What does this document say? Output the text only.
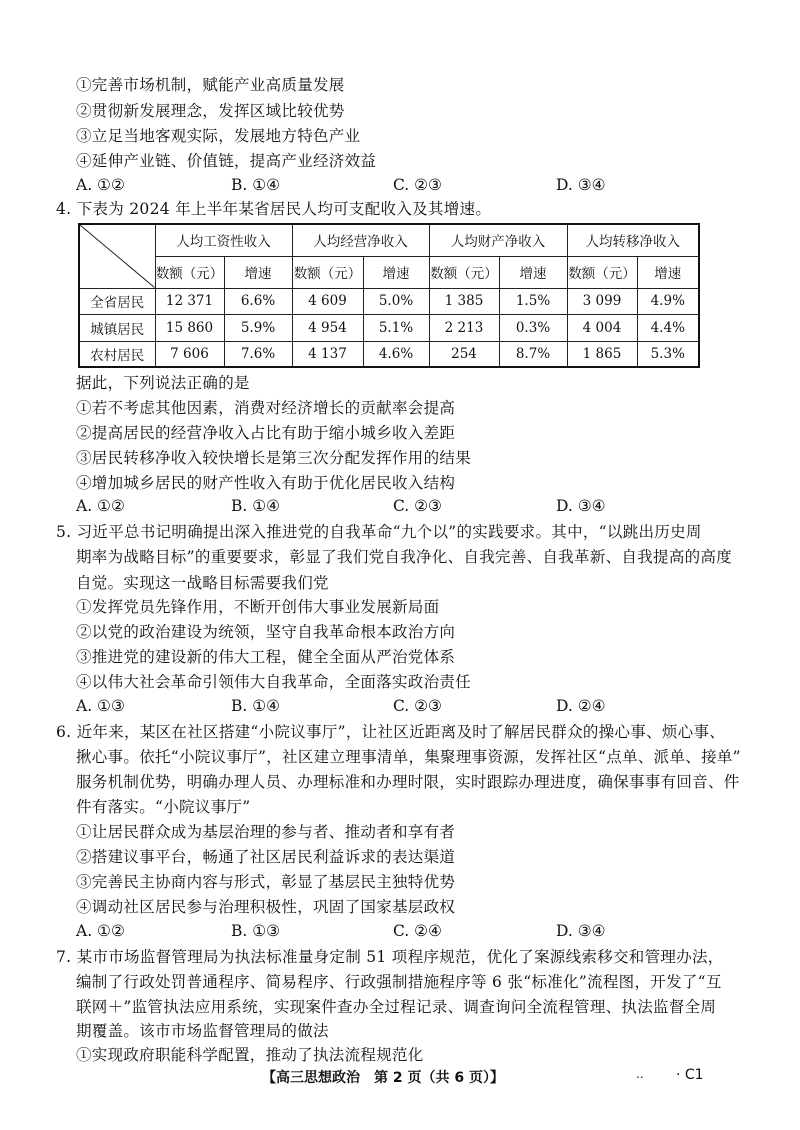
①完善市场机制，赋能产业高质量发展
②贯彻新发展理念，发挥区域比较优势
③立足当地客观实际，发展地方特色产业
④延伸产业链、价值链，提高产业经济效益
A. ①②	B. ①④	C. ②③	D. ③④
4. 下表为 2024 年上半年某省居民人均可支配收入及其增速。
	人均工资性收入		人均经营净收入		人均财产净收入		人均转移净收入	
	数额（元）	增速	数额（元）	增速	数额（元）	增速	数额（元）	增速
全省居民	12 371	6.6%	4 609	5.0%	1 385	1.5%	3 099	4.9%
城镇居民	15 860	5.9%	4 954	5.1%	2 213	0.3%	4 004	4.4%
农村居民	7 606	7.6%	4 137	4.6%	254	8.7%	1 865	5.3%
据此，下列说法正确的是
①若不考虑其他因素，消费对经济增长的贡献率会提高
②提高居民的经营净收入占比有助于缩小城乡收入差距
③居民转移净收入较快增长是第三次分配发挥作用的结果
④增加城乡居民的财产性收入有助于优化居民收入结构
A. ①②	B. ①④	C. ②③	D. ③④
5. 习近平总书记明确提出深入推进党的自我革命“九个以”的实践要求。其中，“以跳出历史周
期率为战略目标”的重要要求，彰显了我们党自我净化、自我完善、自我革新、自我提高的高度
自觉。实现这一战略目标需要我们党
①发挥党员先锋作用，不断开创伟大事业发展新局面
②以党的政治建设为统领，坚守自我革命根本政治方向
③推进党的建设新的伟大工程，健全全面从严治党体系
④以伟大社会革命引领伟大自我革命，全面落实政治责任
A. ①③	B. ①④	C. ②③	D. ②④
6. 近年来，某区在社区搭建“小院议事厅”，让社区近距离及时了解居民群众的操心事、烦心事、
揪心事。依托“小院议事厅”，社区建立理事清单，集聚理事资源，发挥社区“点单、派单、接单”
服务机制优势，明确办理人员、办理标准和办理时限，实时跟踪办理进度，确保事事有回音、件
件有落实。“小院议事厅”
①让居民群众成为基层治理的参与者、推动者和享有者
②搭建议事平台，畅通了社区居民利益诉求的表达渠道
③完善民主协商内容与形式，彰显了基层民主独特优势
④调动社区居民参与治理积极性，巩固了国家基层政权
A. ①②	B. ①③	C. ②④	D. ③④
7. 某市市场监督管理局为执法标准量身定制 51 项程序规范，优化了案源线索移交和管理办法，
编制了行政处罚普通程序、简易程序、行政强制措施程序等 6 张“标准化”流程图，开发了“互
联网＋”监管执法应用系统，实现案件查办全过程记录、调查询问全流程管理、执法监督全周
期覆盖。该市市场监督管理局的做法
①实现政府职能科学配置，推动了执法流程规范化
【高三思想政治　第 2 页（共 6 页）】	.. · C1
